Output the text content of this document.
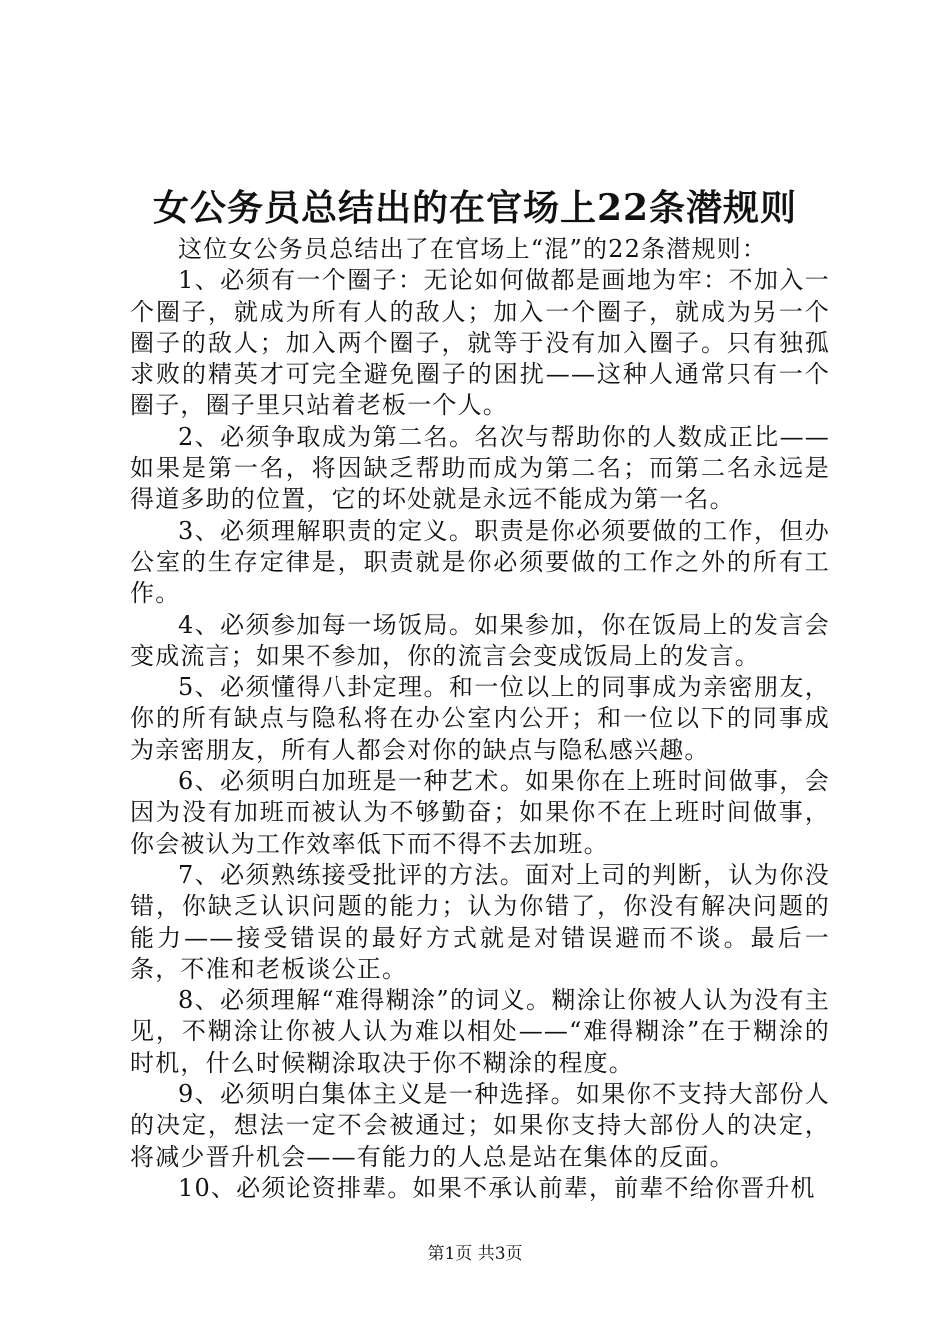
女公务员总结出的在官场上22条潜规则

这位女公务员总结出了在官场上“混”的22条潜规则：

1、必须有一个圈子：无论如何做都是画地为牢：不加入一个圈子，就成为所有人的敌人；加入一个圈子，就成为另一个圈子的敌人；加入两个圈子，就等于没有加入圈子。只有独孤求败的精英才可完全避免圈子的困扰——这种人通常只有一个圈子，圈子里只站着老板一个人。

2、必须争取成为第二名。名次与帮助你的人数成正比——如果是第一名，将因缺乏帮助而成为第二名；而第二名永远是得道多助的位置，它的坏处就是永远不能成为第一名。

3、必须理解职责的定义。职责是你必须要做的工作，但办公室的生存定律是，职责就是你必须要做的工作之外的所有工作。

4、必须参加每一场饭局。如果参加，你在饭局上的发言会变成流言；如果不参加，你的流言会变成饭局上的发言。

5、必须懂得八卦定理。和一位以上的同事成为亲密朋友，你的所有缺点与隐私将在办公室内公开；和一位以下的同事成为亲密朋友，所有人都会对你的缺点与隐私感兴趣。

6、必须明白加班是一种艺术。如果你在上班时间做事，会因为没有加班而被认为不够勤奋；如果你不在上班时间做事，你会被认为工作效率低下而不得不去加班。

7、必须熟练接受批评的方法。面对上司的判断，认为你没错，你缺乏认识问题的能力；认为你错了，你没有解决问题的能力——接受错误的最好方式就是对错误避而不谈。最后一条，不准和老板谈公正。

8、必须理解“难得糊涂”的词义。糊涂让你被人认为没有主见，不糊涂让你被人认为难以相处——“难得糊涂”在于糊涂的时机，什么时候糊涂取决于你不糊涂的程度。

9、必须明白集体主义是一种选择。如果你不支持大部份人的决定，想法一定不会被通过；如果你支持大部份人的决定，将减少晋升机会——有能力的人总是站在集体的反面。

10、必须论资排辈。如果不承认前辈，前辈不给你晋升机

第1页 共3页
